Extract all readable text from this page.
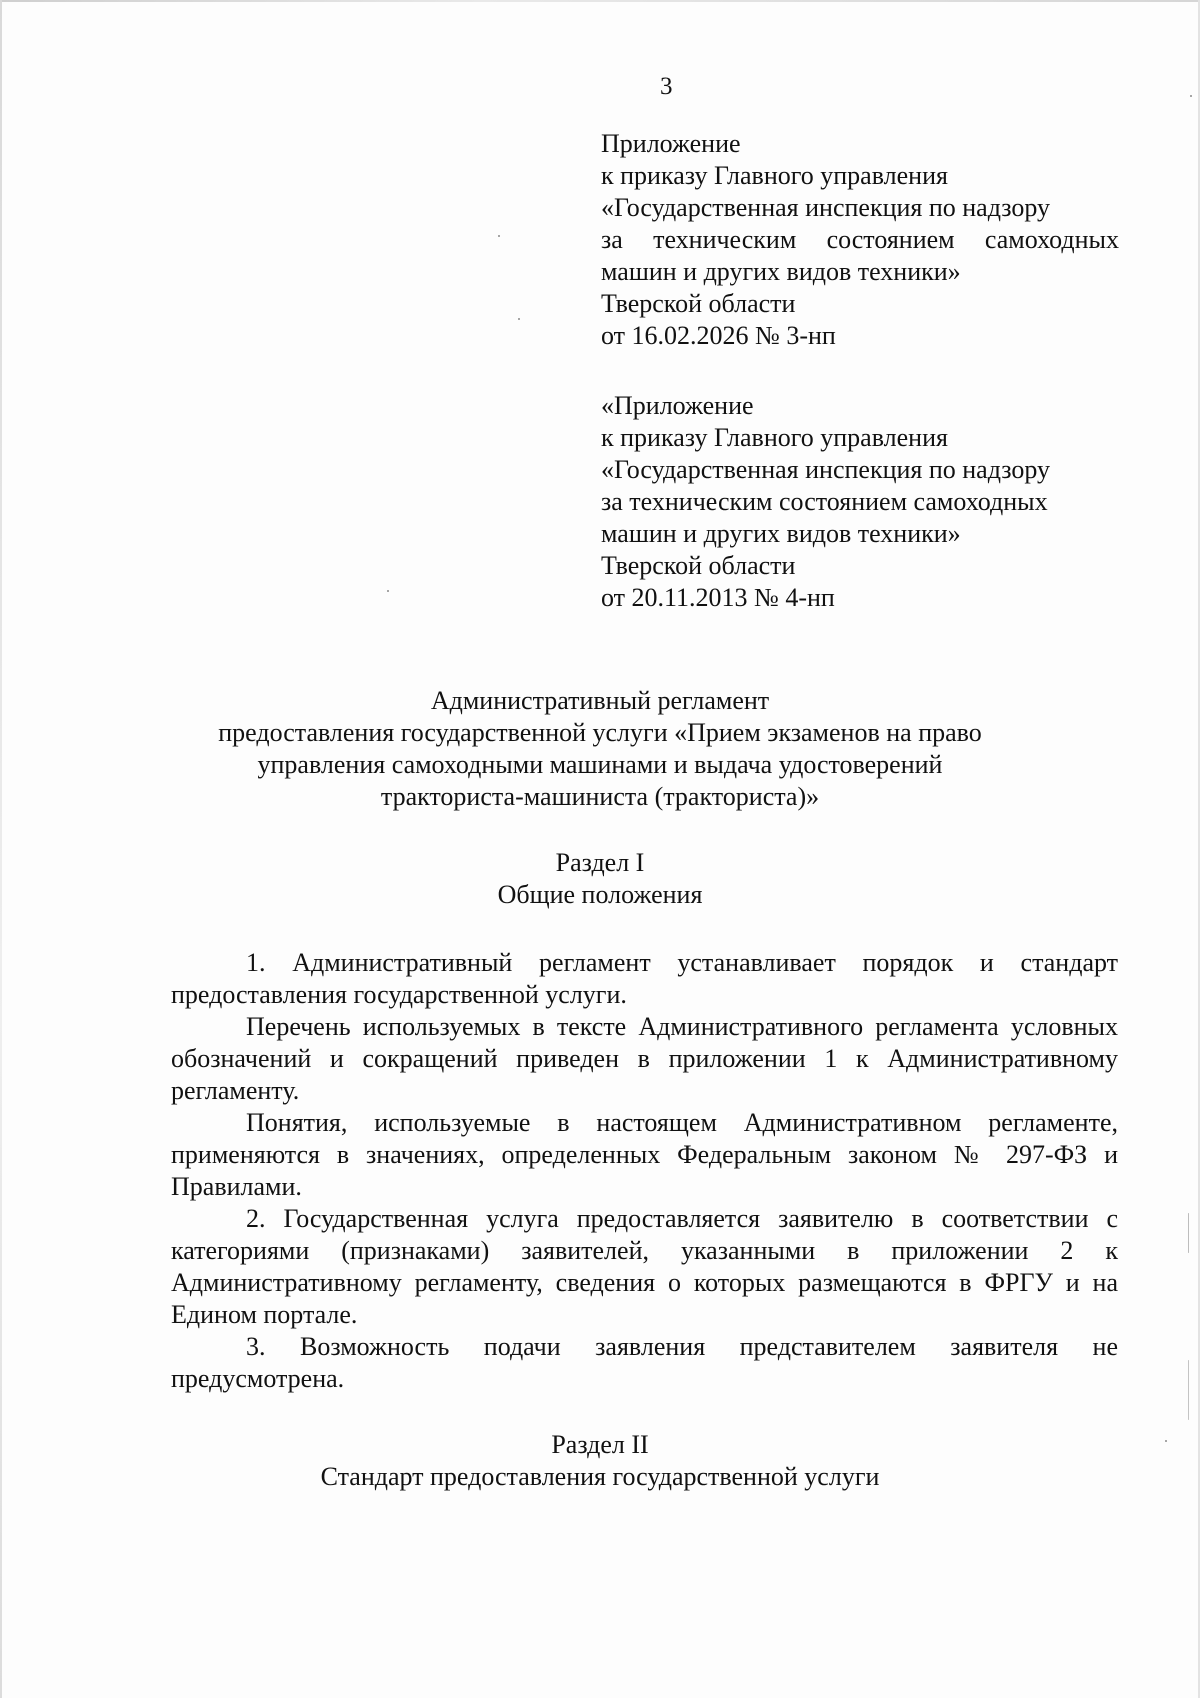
3
Приложение
к приказу Главного управления
«Государственная инспекция по надзору
за техническим состоянием самоходных
машин и других видов техники»
Тверской области
от 16.02.2026 № 3-нп
«Приложение
к приказу Главного управления
«Государственная инспекция по надзору
за техническим состоянием самоходных
машин и других видов техники»
Тверской области
от 20.11.2013 № 4-нп
Административный регламент
предоставления государственной услуги «Прием экзаменов на право
управления самоходными машинами и выдача удостоверений
тракториста-машиниста (тракториста)»
Раздел I
Общие положения

1. Административный регламент устанавливает порядок и стандарт предоставления государственной услуги.

Перечень используемых в тексте Административного регламента условных обозначений и сокращений приведен в приложении 1 к Административному регламенту.

Понятия, используемые в настоящем Административном регламенте, применяются в значениях, определенных Федеральным законом № 297-ФЗ и Правилами.

2. Государственная услуга предоставляется заявителю в соответствии с категориями (признаками) заявителей, указанными в приложении 2 к Административному регламенту, сведения о которых размещаются в ФРГУ и на Едином портале.

3. Возможность подачи заявления представителем заявителя не предусмотрена.

Раздел II
Стандарт предоставления государственной услуги
